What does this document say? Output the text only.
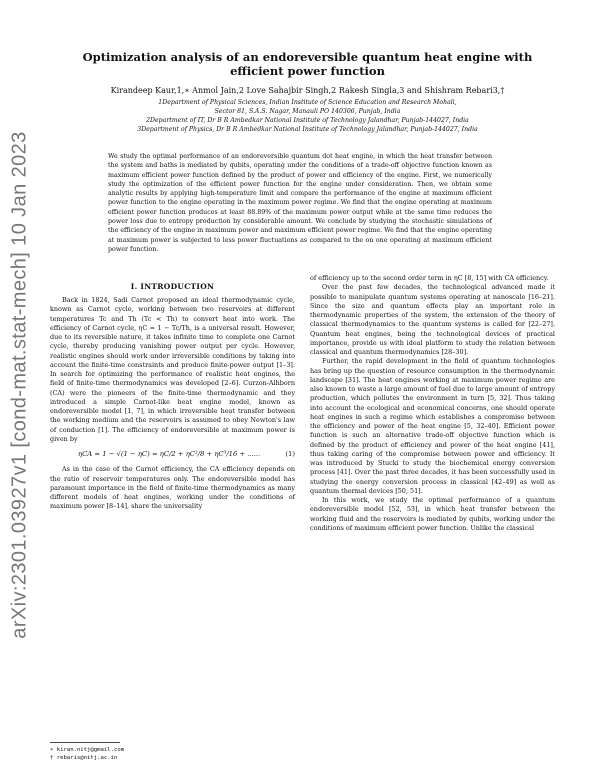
arXiv:2301.03927v1 [cond-mat.stat-mech] 10 Jan 2023
Optimization analysis of an endoreversible quantum heat engine with efficient power function
Kirandeep Kaur,1,∗ Anmol Jain,2 Love Sahajbir Singh,2 Rakesh Singla,3 and Shishram Rebari3,†
1Department of Physical Sciences, Indian Institute of Science Education and Research Mohali,
Sector 81, S.A.S. Nagar, Manauli PO 140306, Punjab, India
2Department of IT, Dr B R Ambedkar National Institute of Technology Jalandhar, Punjab-144027, India
3Department of Physics, Dr B R Ambedkar National Institute of Technology Jalandhar, Punjab-144027, India
We study the optimal performance of an endoreversible quantum dot heat engine, in which the heat transfer between the system and baths is mediated by qubits, operating under the conditions of a trade-off objective function known as maximum efficient power function defined by the product of power and efficiency of the engine. First, we numerically study the optimization of the efficient power function for the engine under consideration. Then, we obtain some analytic results by applying high-temperature limit and compare the performance of the engine at maximum efficient power function to the engine operating in the maximum power regime. We find that the engine operating at maximum efficient power function produces at least 88.89% of the maximum power output while at the same time reduces the power loss due to entropy production by considerable amount. We conclude by studying the stochastic simulations of the efficiency of the engine in maximum power and maximum efficient power regime. We find that the engine operating at maximum power is subjected to less power fluctuations as compared to the on one operating at maximum efficient power function.
I. INTRODUCTION

Back in 1824, Sadi Carnot proposed an ideal thermodynamic cycle, known as Carnot cycle, working between two reservoirs at different temperatures Tc and Th (Tc < Th) to convert heat into work. The efficiency of Carnot cycle, ηC = 1 − Tc/Th, is a universal result. However, due to its reversible nature, it takes infinite time to complete one Carnot cycle, thereby producing vanishing power output per cycle. However, realistic engines should work under irreversible conditions by taking into account the finite-time constraints and produce finite-power output [1–3]. In search for optimizing the performance of realistic heat engines, the field of finite-time thermodynamics was developed [2–6]. Curzon-Alhborn (CA) were the pioneers of the finite-time thermodynamic and they introduced a simple Carnot-like heat engine model, known as endoreversible model [1, 7], in which irreversible heat transfer between the working medium and the reservoirs is assumed to obey Newton's law of conduction [1]. The efficiency of endoreversible at maximum power is given by

ηCA = 1 − √(1 − ηC) = ηC/2 + ηC²/8 + ηC³/16 + ......	(1)

As in the case of the Carnot efficiency, the CA efficiency depends on the ratio of reservoir temperatures only. The endoreversible model has paramount importance in the field of finite-time thermodynamics as many different models of heat engines, working under the conditions of maximum power [8–14], share the universality

of efficiency up to the second order term in ηC [8, 15] with CA efficiency.

Over the past few decades, the technological advanced made it possible to manipulate quantum systems operating at nanoscale [16–21]. Since the size and quantum effects play an important role in thermodynamic properties of the system, the extension of the theory of classical thermodynamics to the quantum systems is called for [22–27]. Quantum heat engines, being the technological devices of practical importance, provide us with ideal platform to study the relation between classical and quantum thermodynamics [28–30].

Further, the rapid development in the field of quantum technologies has bring up the question of resource consumption in the thermodynamic landscape [31]. The heat engines working at maximum power regime are also known to waste a large amount of fuel due to large amount of entropy production, which pollutes the environment in turn [5, 32]. Thus taking into account the ecological and economical concerns, one should operate heat engines in such a regime which establishes a compromise between the efficiency and power of the heat engine [5, 32–40]. Efficient power function is such an alternative trade-off objective function which is defined by the product of efficiency and power of the heat engine [41], thus taking caring of the compromise between power and efficiency. It was introduced by Stucki to study the biochemical energy conversion process [41]. Over the past three decades, it has been successfully used in studying the energy conversion process in classical [42–49] as well as quantum thermal devices [50, 51].

In this work, we study the optimal performance of a quantum endoreversible model [52, 53], in which heat transfer between the working fluid and the reservoirs is mediated by qubits, working under the conditions of maximum efficient power function. Unlike the classical

∗ kiran.nitj@gmail.com
† rebaris@nitj.ac.in
